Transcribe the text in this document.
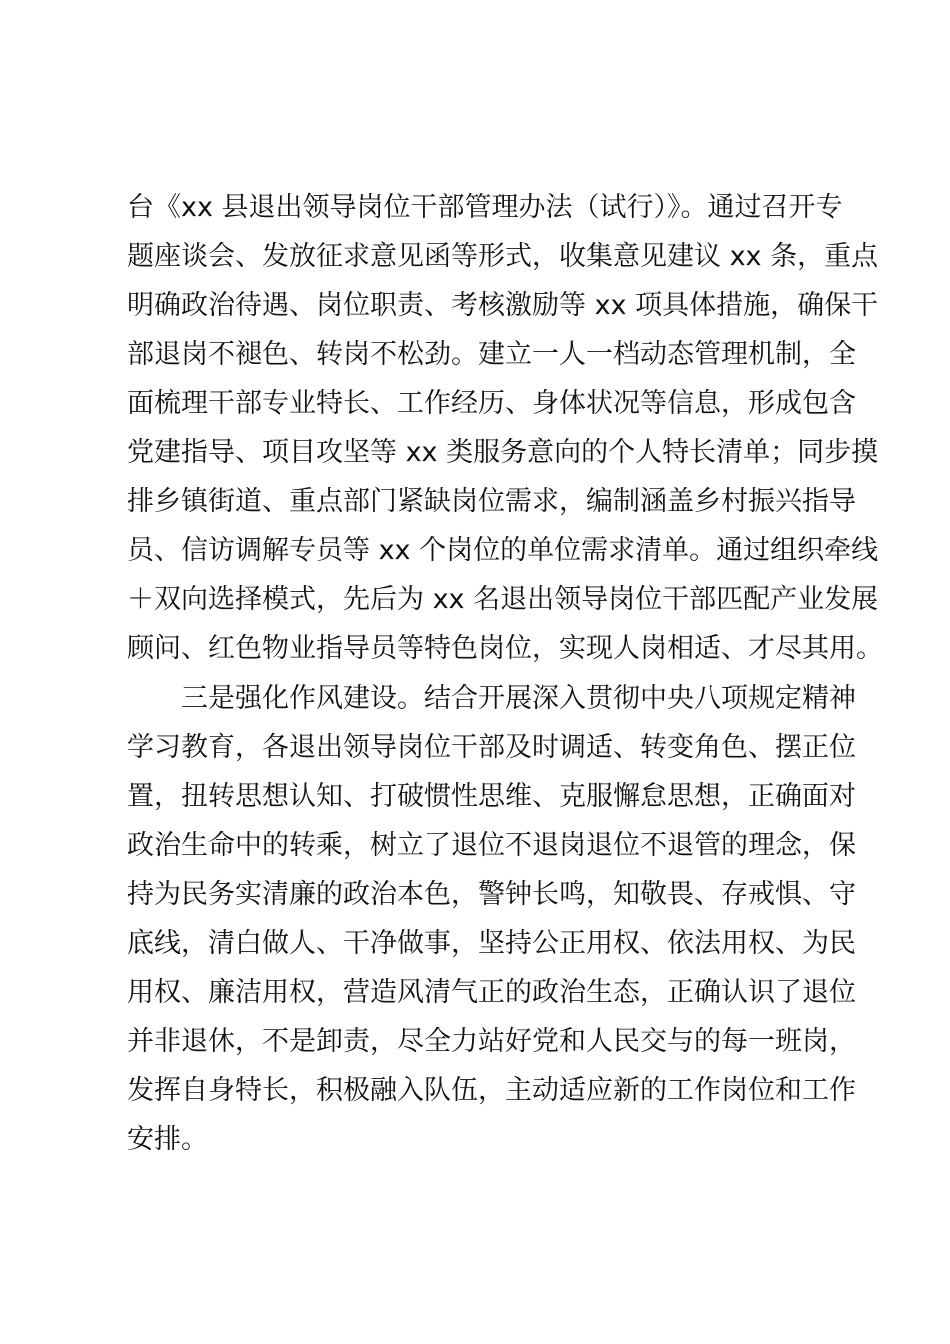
台《xx 县退出领导岗位干部管理办法（试行）》。通过召开专
题座谈会、发放征求意见函等形式，收集意见建议 xx 条，重点
明确政治待遇、岗位职责、考核激励等 xx 项具体措施，确保干
部退岗不褪色、转岗不松劲。建立一人一档动态管理机制，全
面梳理干部专业特长、工作经历、身体状况等信息，形成包含
党建指导、项目攻坚等 xx 类服务意向的个人特长清单；同步摸
排乡镇街道、重点部门紧缺岗位需求，编制涵盖乡村振兴指导
员、信访调解专员等 xx 个岗位的单位需求清单。通过组织牵线
＋双向选择模式，先后为 xx 名退出领导岗位干部匹配产业发展
顾问、红色物业指导员等特色岗位，实现人岗相适、才尽其用。
三是强化作风建设。结合开展深入贯彻中央八项规定精神
学习教育，各退出领导岗位干部及时调适、转变角色、摆正位
置，扭转思想认知、打破惯性思维、克服懈怠思想，正确面对
政治生命中的转乘，树立了退位不退岗退位不退管的理念，保
持为民务实清廉的政治本色，警钟长鸣，知敬畏、存戒惧、守
底线，清白做人、干净做事，坚持公正用权、依法用权、为民
用权、廉洁用权，营造风清气正的政治生态，正确认识了退位
并非退休，不是卸责，尽全力站好党和人民交与的每一班岗，
发挥自身特长，积极融入队伍，主动适应新的工作岗位和工作
安排。
